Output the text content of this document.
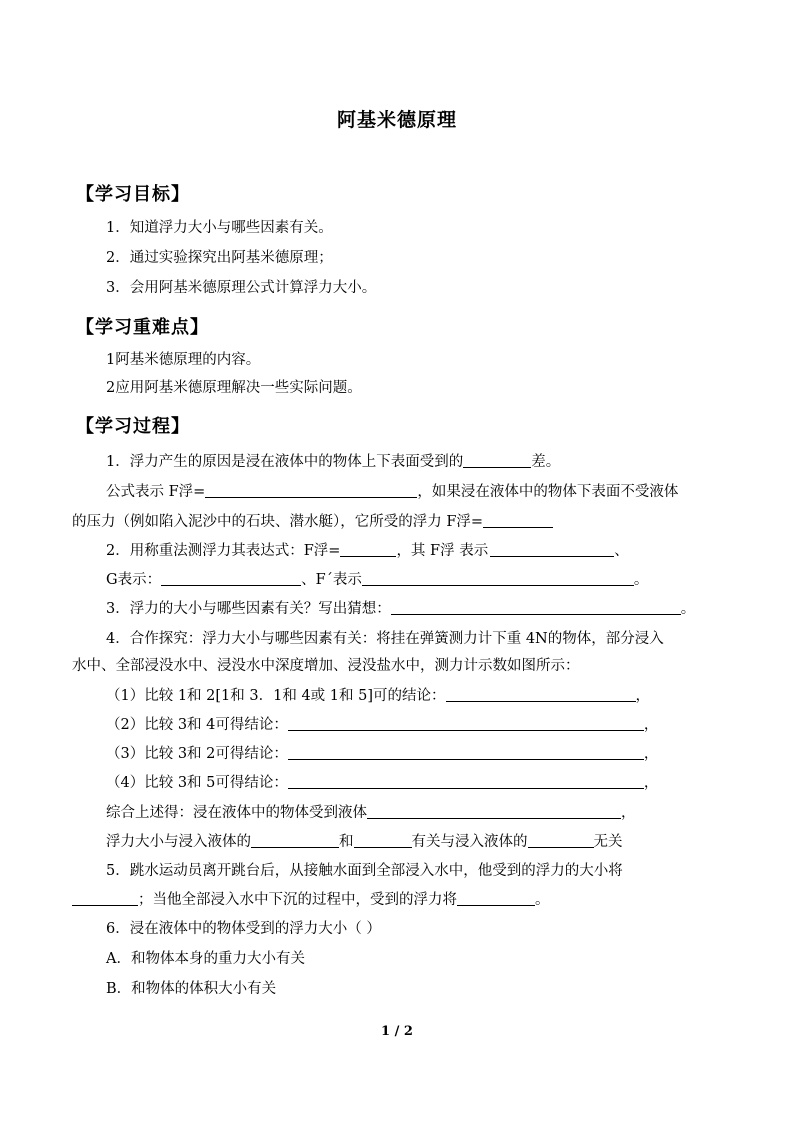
阿基米德原理
【学习目标】
1．知道浮力大小与哪些因素有关。
2．通过实验探究出阿基米德原理；
3．会用阿基米德原理公式计算浮力大小。
【学习重难点】
1阿基米德原理的内容。
2应用阿基米德原理解决一些实际问题。
【学习过程】
1．浮力产生的原因是浸在液体中的物体上下表面受到的	差。
公式表示 F浮=	，如果浸在液体中的物体下表面不受液体
的压力（例如陷入泥沙中的石块、潜水艇），它所受的浮力 F浮=
2．用称重法测浮力其表达式：F浮=	，其 F浮 表示	、
G表示：	、F´表示	。
3．浮力的大小与哪些因素有关？写出猜想：	。
4．合作探究：浮力大小与哪些因素有关：将挂在弹簧测力计下重 4N的物体，部分浸入
水中、全部浸没水中、浸没水中深度增加、浸没盐水中，测力计示数如图所示：
（1）比较 1和 2[1和 3．1和 4或 1和 5]可的结论：	，
（2）比较 3和 4可得结论：	，
（3）比较 3和 2可得结论：	，
（4）比较 3和 5可得结论：	，
综合上述得：浸在液体中的物体受到液体	，
浮力大小与浸入液体的	和	有关与浸入液体的	无关
5．跳水运动员离开跳台后，从接触水面到全部浸入水中，他受到的浮力的大小将
；当他全部浸入水中下沉的过程中，受到的浮力将	。
6．浸在液体中的物体受到的浮力大小（ ）
A．和物体本身的重力大小有关
B．和物体的体积大小有关
1 / 2
